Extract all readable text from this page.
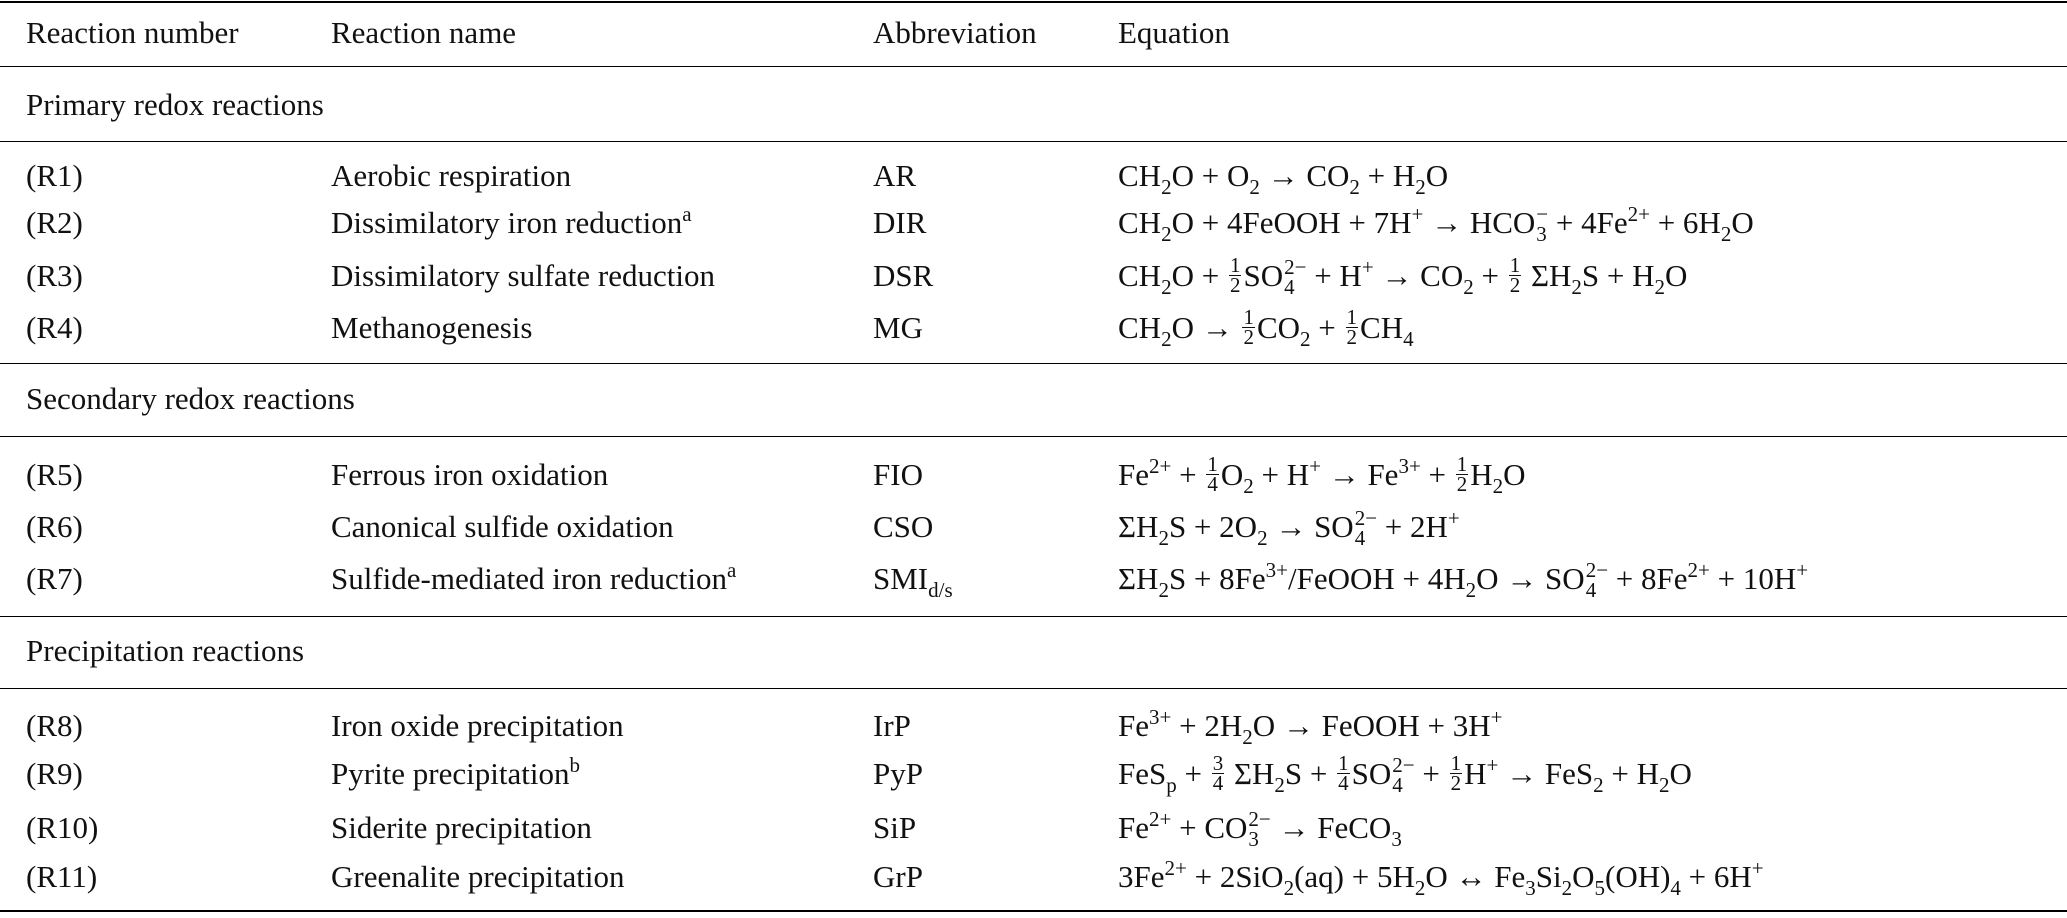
Reaction number	Reaction name	Abbreviation	Equation
Primary redox reactions
(R1)	Aerobic respiration	AR	$CH_2O + O_2 \to CO_2 + H_2O$
(R2)	Dissimilatory iron reduction$^a$	DIR	$CH_2O$ + 4FeOOH + 7H+ → HCO −
$3 + 4Fe^{2+} + 6H_2O$
(R3)	Dissimilatory sulfate reduction	DSR	$CH_2O + \frac{1}{2}$ SO 2−
$4 + H^+ \to CO_2 + \frac{1}{2} \Sigma H_2S + H_2O$
(R4)	Methanogenesis	MG	$CH_2O \to \frac{1}{2} CO_2 + \frac{1}{2} CH_4$
Secondary redox reactions
(R5)	Ferrous iron oxidation	FIO	$Fe^{2+} + \frac{1}{4} O_2 + H^+ \to Fe^{3+} + \frac{1}{2} H_2O$
(R6)	Canonical sulfide oxidation	CSO	$\Sigma H_2S + 2O_2$ → SO 2−
4 + 2H+
(R7)	Sulfide-mediated iron reduction$^a$	$SMI_{d/s}$	$\Sigma H_2S$ + $8Fe^{3+}$/FeOOH + $4H_2O$ → SO 2−
$4 + 8Fe^{2+} + 10H^+$
Precipitation reactions
(R8)	Iron oxide precipitation	IrP	$Fe^{3+} + 2H_2O$ → FeOOH + 3H+
(R9)	Pyrite precipitation$^b$	PyP	$FeS_p + \frac{3}{4} \Sigma H_2S + \frac{1}{4}$ SO 2−
$4 + \frac{1}{2} H^+ \to FeS_2 + H_2O$
(R10)	Siderite precipitation	SiP	$Fe^{2+}$ + CO 2−
3 → FeCO$_3$
(R11)	Greenalite precipitation	GrP	$3Fe^{2+} + 2SiO_2(aq) + 5H_2O$ ↔ $Fe_3Si_2O_5(OH)_4 + 6H^+$
